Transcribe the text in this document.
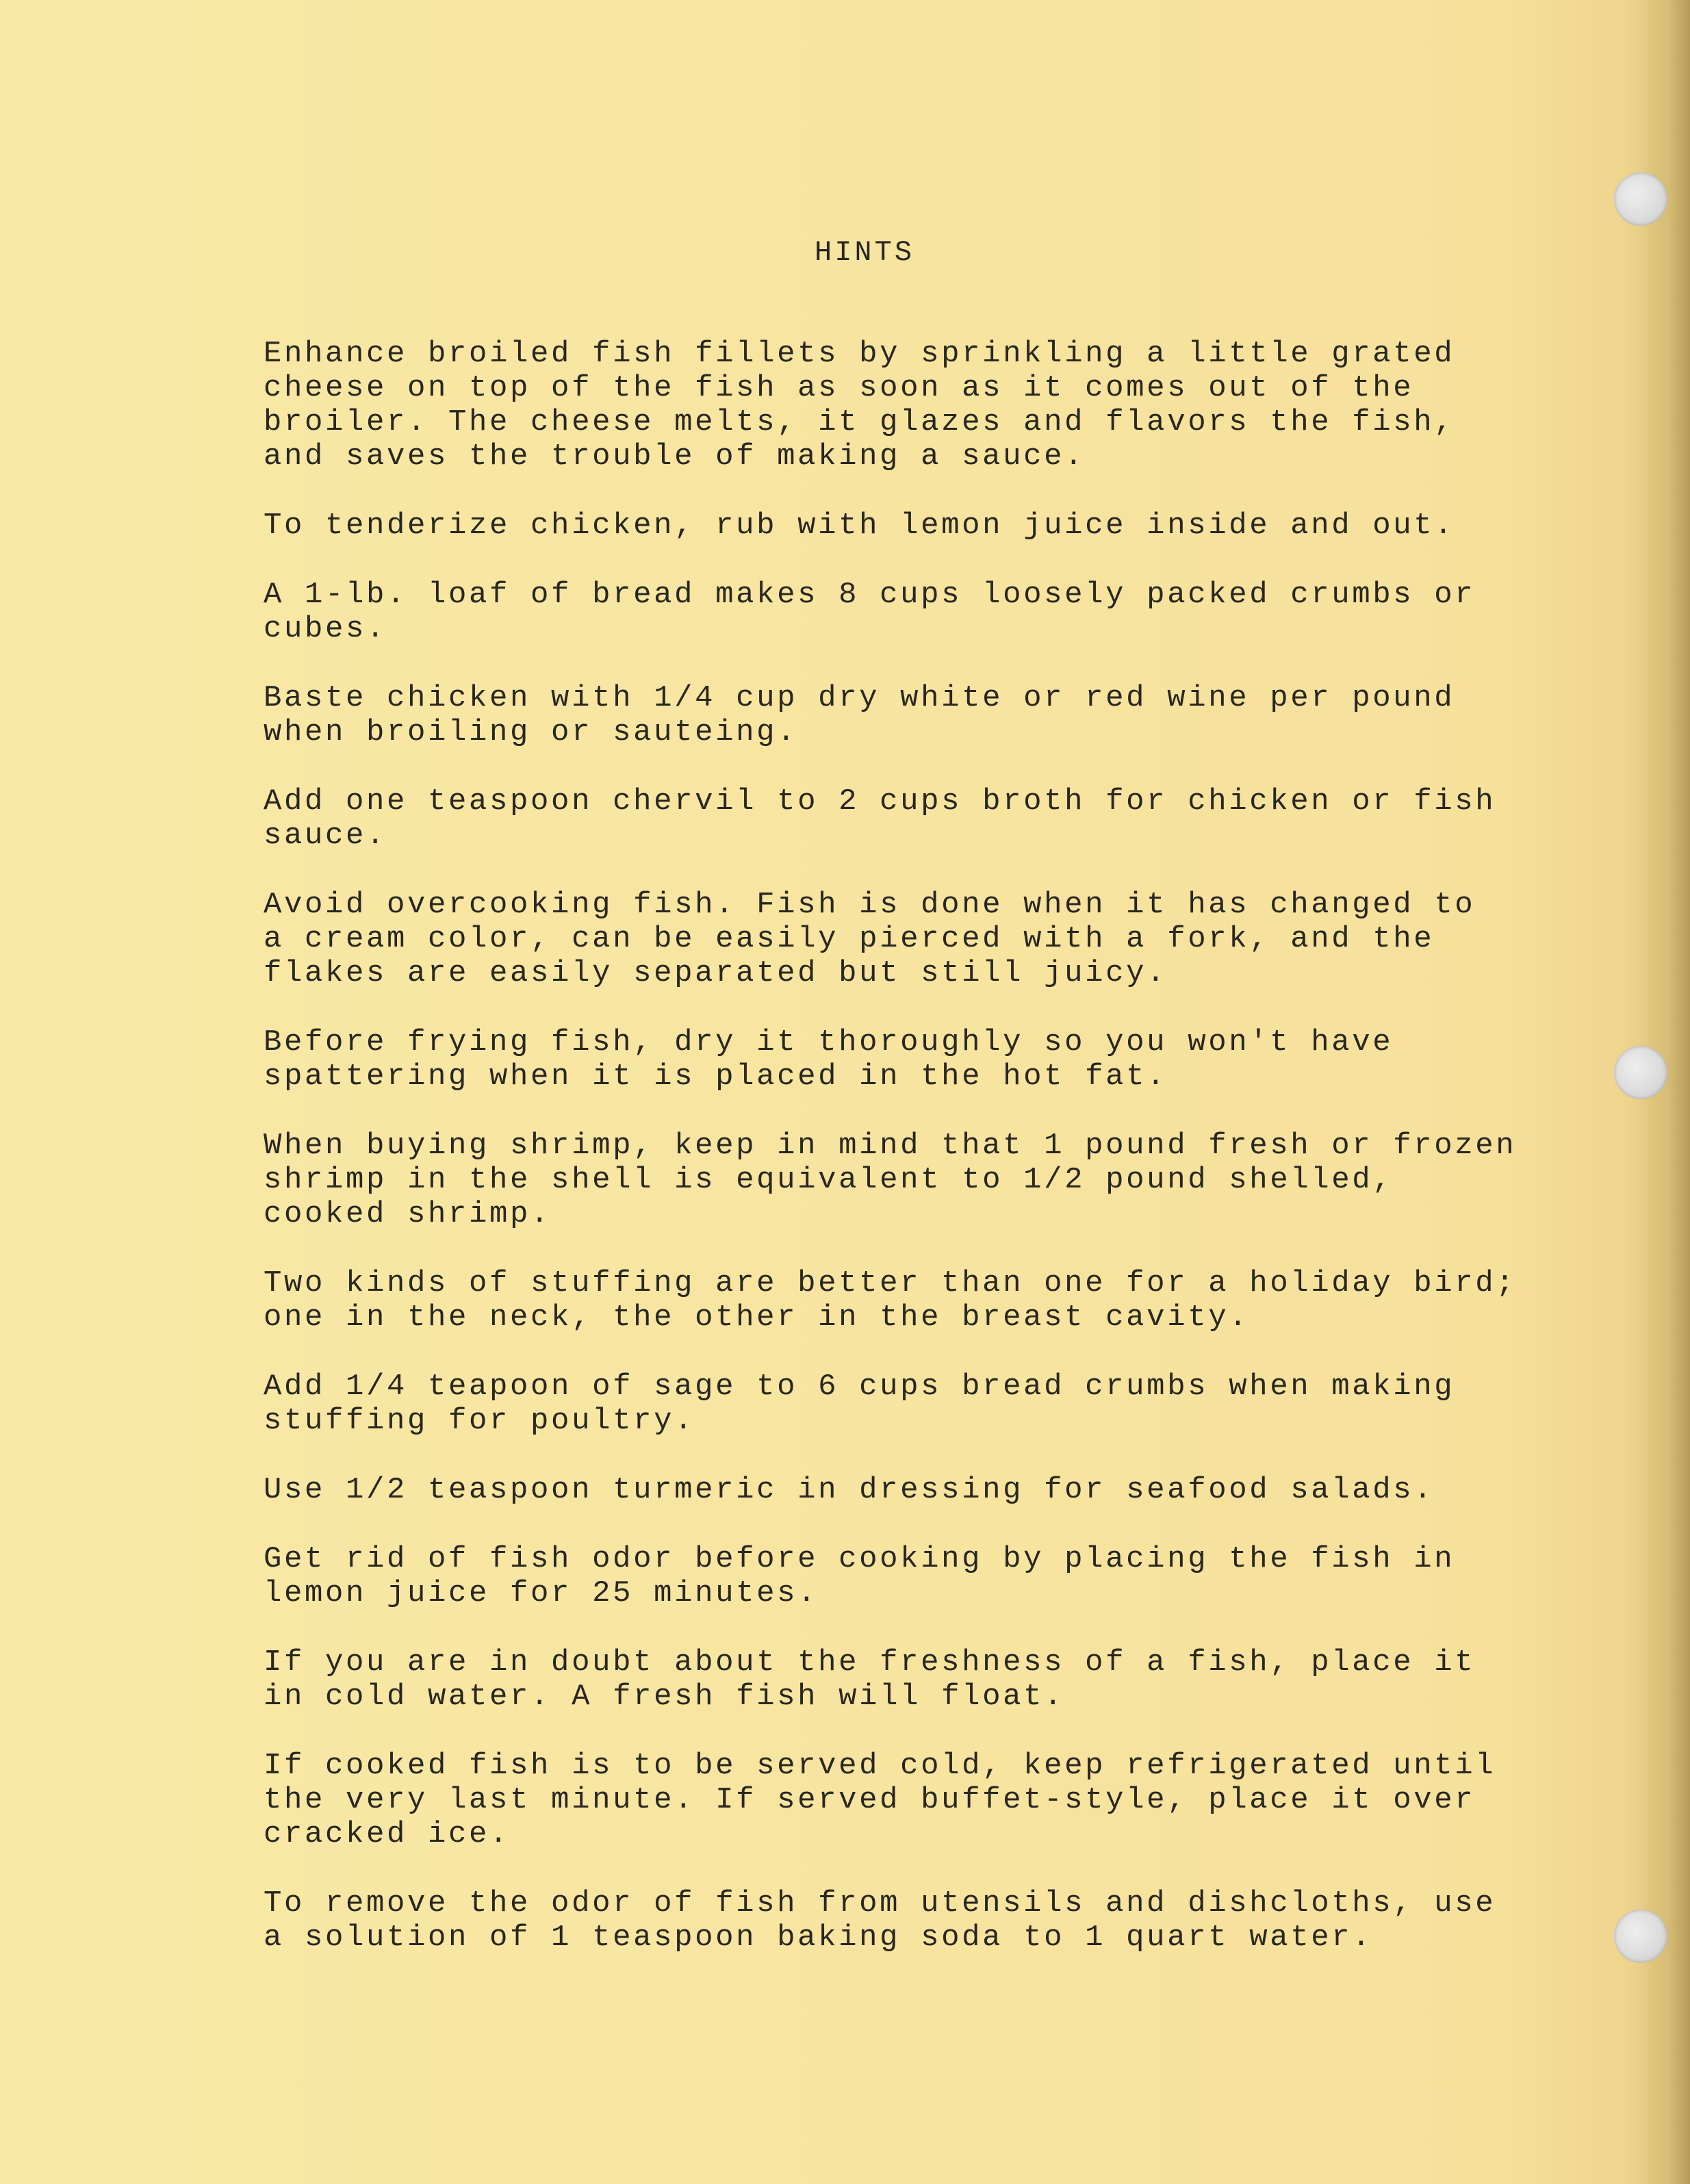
HINTS
Enhance broiled fish fillets by sprinkling a little grated
cheese on top of the fish as soon as it comes out of the
broiler. The cheese melts, it glazes and flavors the fish,
and saves the trouble of making a sauce.
To tenderize chicken, rub with lemon juice inside and out.
A 1-lb. loaf of bread makes 8 cups loosely packed crumbs or
cubes.
Baste chicken with 1/4 cup dry white or red wine per pound
when broiling or sauteing.
Add one teaspoon chervil to 2 cups broth for chicken or fish
sauce.
Avoid overcooking fish. Fish is done when it has changed to
a cream color, can be easily pierced with a fork, and the
flakes are easily separated but still juicy.
Before frying fish, dry it thoroughly so you won't have
spattering when it is placed in the hot fat.
When buying shrimp, keep in mind that 1 pound fresh or frozen
shrimp in the shell is equivalent to 1/2 pound shelled,
cooked shrimp.
Two kinds of stuffing are better than one for a holiday bird;
one in the neck, the other in the breast cavity.
Add 1/4 teapoon of sage to 6 cups bread crumbs when making
stuffing for poultry.
Use 1/2 teaspoon turmeric in dressing for seafood salads.
Get rid of fish odor before cooking by placing the fish in
lemon juice for 25 minutes.
If you are in doubt about the freshness of a fish, place it
in cold water. A fresh fish will float.
If cooked fish is to be served cold, keep refrigerated until
the very last minute. If served buffet-style, place it over
cracked ice.
To remove the odor of fish from utensils and dishcloths, use
a solution of 1 teaspoon baking soda to 1 quart water.
